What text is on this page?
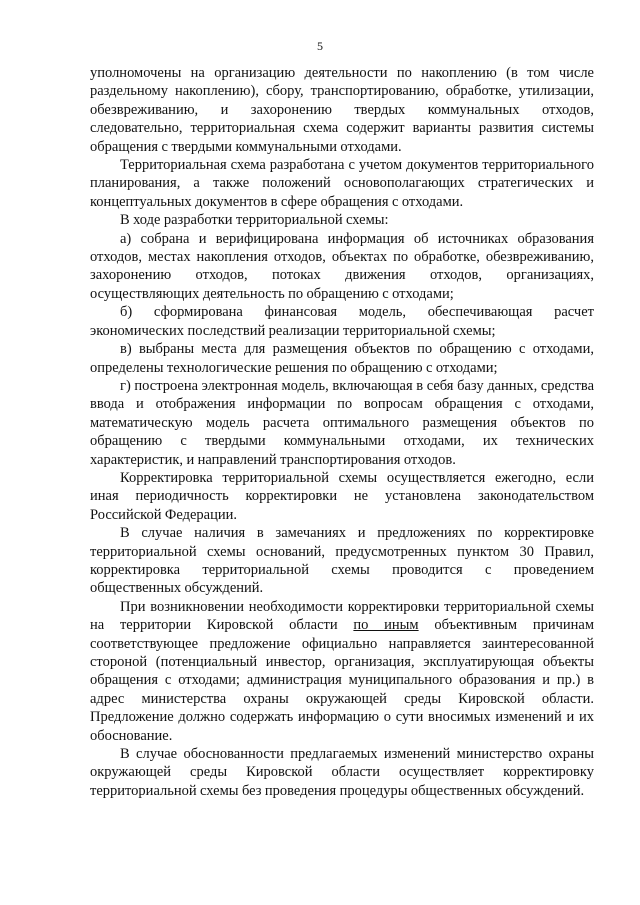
5

уполномочены на организацию деятельности по накоплению (в том числе раздельному накоплению), сбору, транспортированию, обработке, утилизации, обезвреживанию, и захоронению твердых коммунальных отходов, следовательно, территориальная схема содержит варианты развития системы обращения с твердыми коммунальными отходами.

Территориальная схема разработана с учетом документов территориального планирования, а также положений основополагающих стратегических и концептуальных документов в сфере обращения с отходами.

В ходе разработки территориальной схемы:

а) собрана и верифицирована информация об источниках образования отходов, местах накопления отходов, объектах по обработке, обезвреживанию, захоронению отходов, потоках движения отходов, организациях, осуществляющих деятельность по обращению с отходами;

б) сформирована финансовая модель, обеспечивающая расчет экономических последствий реализации территориальной схемы;

в) выбраны места для размещения объектов по обращению с отходами, определены технологические решения по обращению с отходами;

г) построена электронная модель, включающая в себя базу данных, средства ввода и отображения информации по вопросам обращения с отходами, математическую модель расчета оптимального размещения объектов по обращению с твердыми коммунальными отходами, их технических характеристик, и направлений транспортирования отходов.

Корректировка территориальной схемы осуществляется ежегодно, если иная периодичность корректировки не установлена законодательством Российской Федерации.

В случае наличия в замечаниях и предложениях по корректировке территориальной схемы оснований, предусмотренных пунктом 30 Правил, корректировка территориальной схемы проводится с проведением общественных обсуждений.

При возникновении необходимости корректировки территориальной схемы на территории Кировской области по иным объективным причинам соответствующее предложение официально направляется заинтересованной стороной (потенциальный инвестор, организация, эксплуатирующая объекты обращения с отходами; администрация муниципального образования и пр.) в адрес министерства охраны окружающей среды Кировской области. Предложение должно содержать информацию о сути вносимых изменений и их обоснование.

В случае обоснованности предлагаемых изменений министерство охраны окружающей среды Кировской области осуществляет корректировку территориальной схемы без проведения процедуры общественных обсуждений.
